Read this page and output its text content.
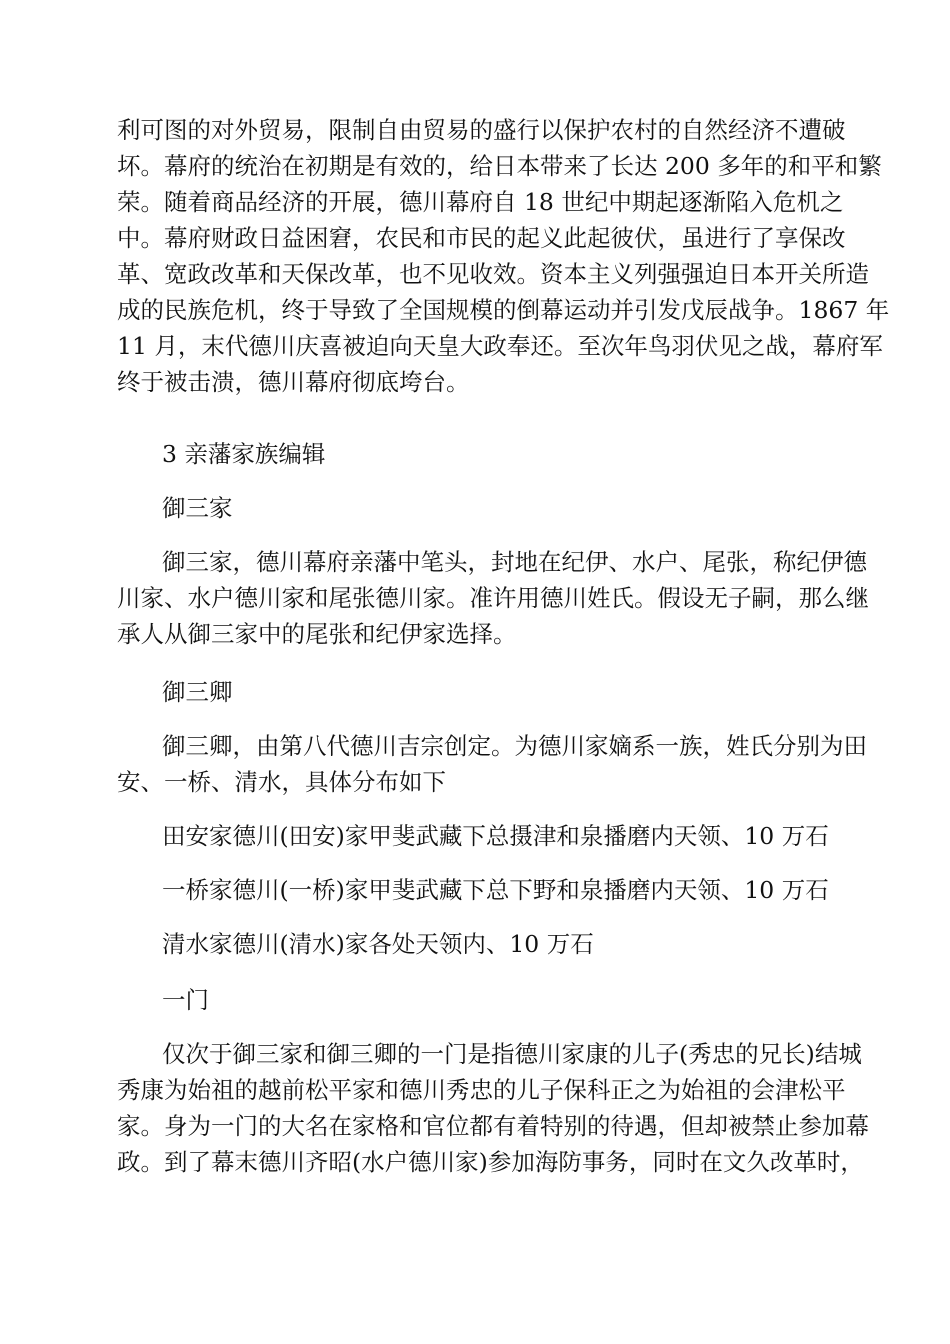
利可图的对外贸易，限制自由贸易的盛行以保护农村的自然经济不遭破
坏。幕府的统治在初期是有效的，给日本带来了长达 200 多年的和平和繁
荣。随着商品经济的开展，德川幕府自 18 世纪中期起逐渐陷入危机之
中。幕府财政日益困窘，农民和市民的起义此起彼伏，虽进行了享保改
革、宽政改革和天保改革，也不见收效。资本主义列强强迫日本开关所造
成的民族危机，终于导致了全国规模的倒幕运动并引发戊辰战争。1867 年
11 月，末代德川庆喜被迫向天皇大政奉还。至次年鸟羽伏见之战，幕府军
终于被击溃，德川幕府彻底垮台。
3 亲藩家族编辑
御三家
御三家，德川幕府亲藩中笔头，封地在纪伊、水户、尾张，称纪伊德
川家、水户德川家和尾张德川家。准许用德川姓氏。假设无子嗣，那么继
承人从御三家中的尾张和纪伊家选择。
御三卿
御三卿，由第八代德川吉宗创定。为德川家嫡系一族，姓氏分别为田
安、一桥、清水，具体分布如下
田安家德川(田安)家甲斐武藏下总摄津和泉播磨内天领、10 万石
一桥家德川(一桥)家甲斐武藏下总下野和泉播磨内天领、10 万石
清水家德川(清水)家各处天领内、10 万石
一门
仅次于御三家和御三卿的一门是指德川家康的儿子(秀忠的兄长)结城
秀康为始祖的越前松平家和德川秀忠的儿子保科正之为始祖的会津松平
家。身为一门的大名在家格和官位都有着特别的待遇，但却被禁止参加幕
政。到了幕末德川齐昭(水户德川家)参加海防事务，同时在文久改革时，
